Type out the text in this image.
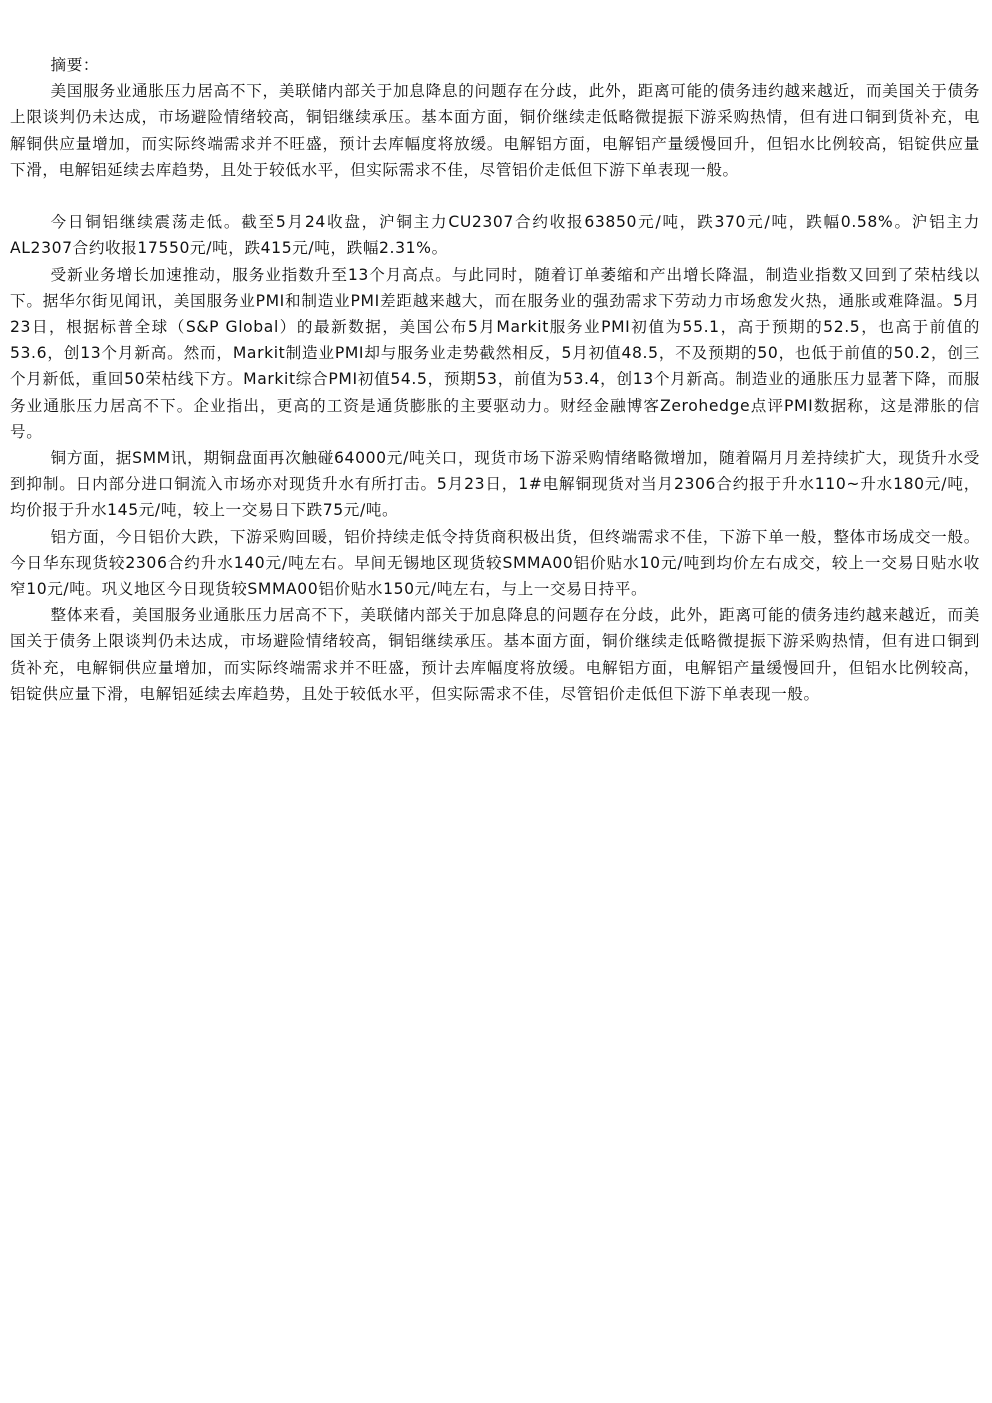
摘要：

美国服务业通胀压力居高不下，美联储内部关于加息降息的问题存在分歧，此外，距离可能的债务违约越来越近，而美国关于债务上限谈判仍未达成，市场避险情绪较高，铜铝继续承压。基本面方面，铜价继续走低略微提振下游采购热情，但有进口铜到货补充，电解铜供应量增加，而实际终端需求并不旺盛，预计去库幅度将放缓。电解铝方面，电解铝产量缓慢回升，但铝水比例较高，铝锭供应量下滑，电解铝延续去库趋势，且处于较低水平，但实际需求不佳，尽管铝价走低但下游下单表现一般。

今日铜铝继续震荡走低。截至5月24收盘，沪铜主力CU2307合约收报63850元/吨，跌370元/吨，跌幅0.58%。沪铝主力AL2307合约收报17550元/吨，跌415元/吨，跌幅2.31%。

受新业务增长加速推动，服务业指数升至13个月高点。与此同时，随着订单萎缩和产出增长降温，制造业指数又回到了荣枯线以下。据华尔街见闻讯，美国服务业PMI和制造业PMI差距越来越大，而在服务业的强劲需求下劳动力市场愈发火热，通胀或难降温。5月23日，根据标普全球（S&P Global）的最新数据，美国公布5月Markit服务业PMI初值为55.1，高于预期的52.5，也高于前值的53.6，创13个月新高。然而，Markit制造业PMI却与服务业走势截然相反，5月初值48.5，不及预期的50，也低于前值的50.2，创三个月新低，重回50荣枯线下方。Markit综合PMI初值54.5，预期53，前值为53.4，创13个月新高。制造业的通胀压力显著下降，而服务业通胀压力居高不下。企业指出，更高的工资是通货膨胀的主要驱动力。财经金融博客Zerohedge点评PMI数据称，这是滞胀的信号。

铜方面，据SMM讯，期铜盘面再次触碰64000元/吨关口，现货市场下游采购情绪略微增加，随着隔月月差持续扩大，现货升水受到抑制。日内部分进口铜流入市场亦对现货升水有所打击。5月23日，1#电解铜现货对当月2306合约报于升水110~升水180元/吨，均价报于升水145元/吨，较上一交易日下跌75元/吨。

铝方面，今日铝价大跌，下游采购回暖，铝价持续走低令持货商积极出货，但终端需求不佳，下游下单一般，整体市场成交一般。今日华东现货较2306合约升水140元/吨左右。早间无锡地区现货较SMMA00铝价贴水10元/吨到均价左右成交，较上一交易日贴水收窄10元/吨。巩义地区今日现货较SMMA00铝价贴水150元/吨左右，与上一交易日持平。

整体来看，美国服务业通胀压力居高不下，美联储内部关于加息降息的问题存在分歧，此外，距离可能的债务违约越来越近，而美国关于债务上限谈判仍未达成，市场避险情绪较高，铜铝继续承压。基本面方面，铜价继续走低略微提振下游采购热情，但有进口铜到货补充，电解铜供应量增加，而实际终端需求并不旺盛，预计去库幅度将放缓。电解铝方面，电解铝产量缓慢回升，但铝水比例较高，铝锭供应量下滑，电解铝延续去库趋势，且处于较低水平，但实际需求不佳，尽管铝价走低但下游下单表现一般。
